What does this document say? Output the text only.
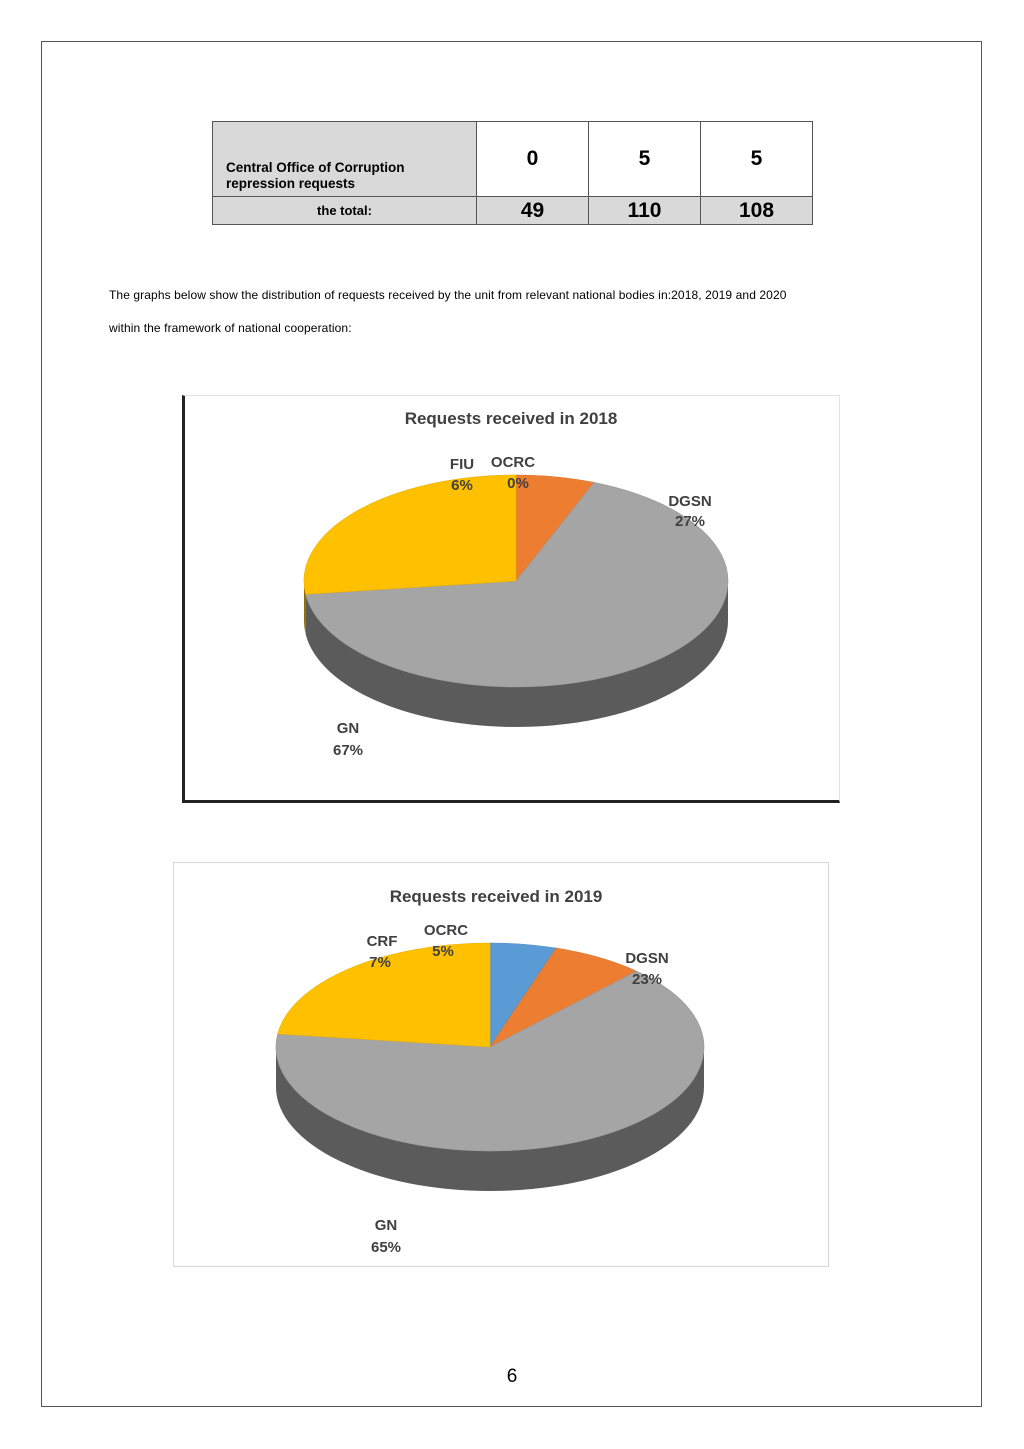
Central Office of Corruption repression requests	0	5	5
the total:	49	110	108
The graphs below show the distribution of requests received by the unit from relevant national bodies in:2018, 2019 and 2020
within the framework of national cooperation:
Requests received in 2018
FIU
6%
OCRC
0%
DGSN
27%
GN
67%
Requests received in 2019
OCRC
5%
CRF
7%	DGSN
23%
GN
65%
6
